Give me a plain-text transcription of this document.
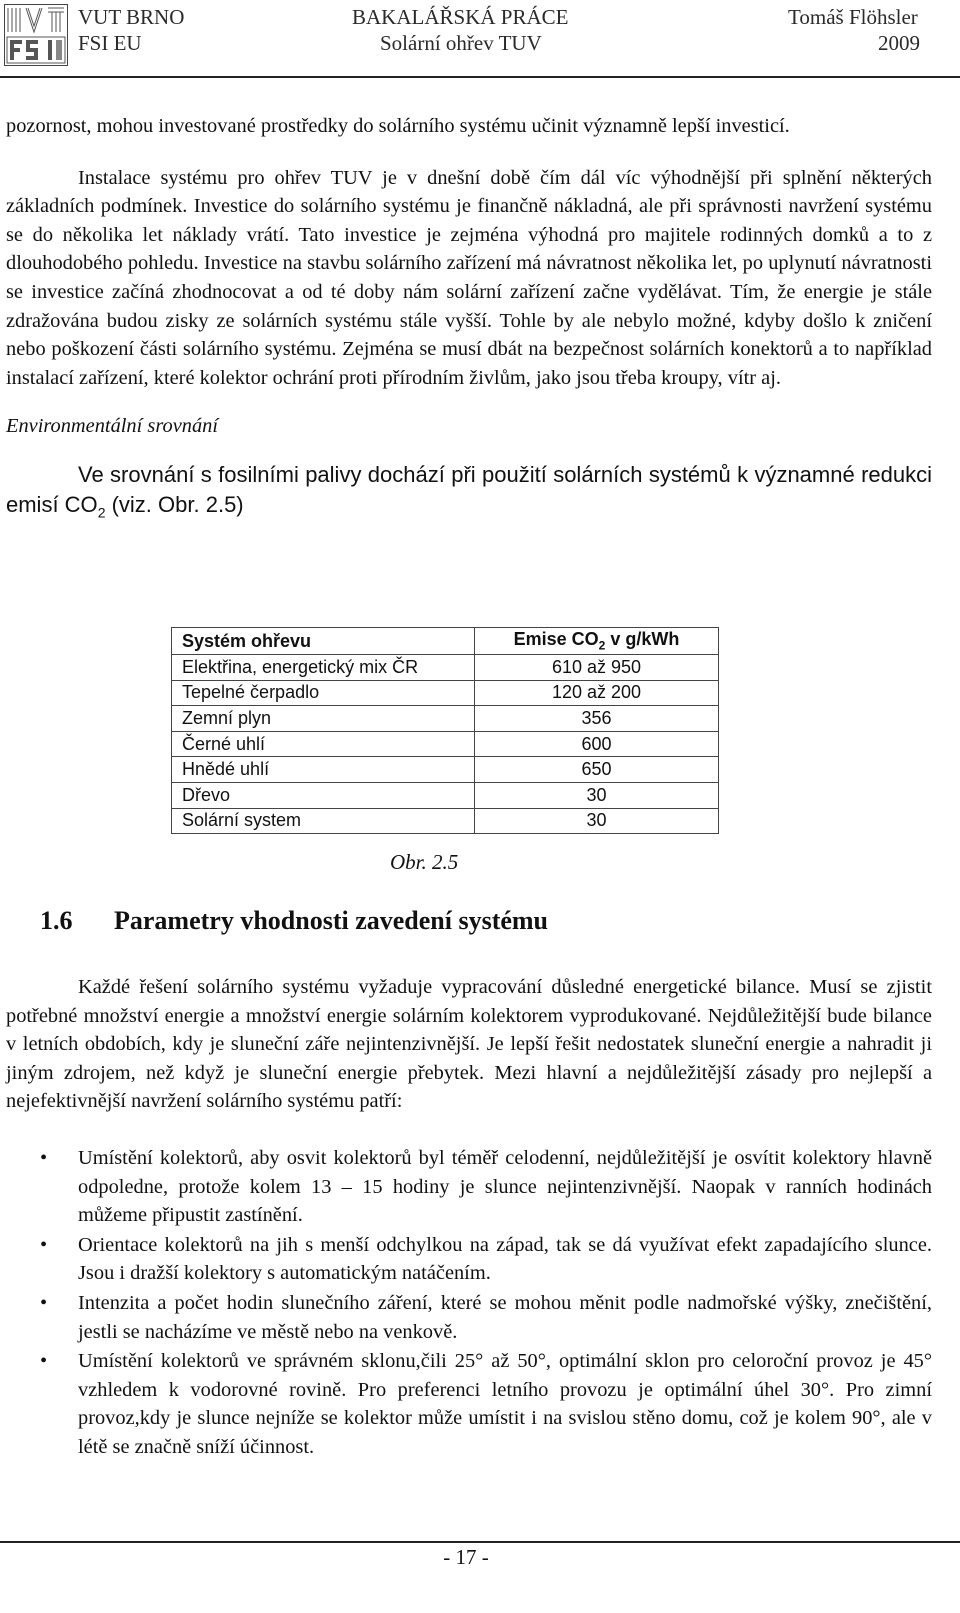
VUT BRNO
FSI EU
BAKALÁŘSKÁ PRÁCE
Solární ohřev TUV
Tomáš Flöhsler
2009

pozornost, mohou investované prostředky do solárního systému učinit významně lepší investicí.

Instalace systému pro ohřev TUV je v dnešní době čím dál víc výhodnější při splnění některých základních podmínek. Investice do solárního systému je finančně nákladná, ale při správnosti navržení systému se do několika let náklady vrátí. Tato investice je zejména výhodná pro majitele rodinných domků a to z dlouhodobého pohledu. Investice na stavbu solárního zařízení má návratnost několika let, po uplynutí návratnosti se investice začíná zhodnocovat a od té doby nám solární zařízení začne vydělávat. Tím, že energie je stále zdražována budou zisky ze solárních systému stále vyšší. Tohle by ale nebylo možné, kdyby došlo k zničení nebo poškození části solárního systému. Zejména se musí dbát na bezpečnost solárních konektorů a to například instalací zařízení, které kolektor ochrání proti přírodním živlům, jako jsou třeba kroupy, vítr aj.

Environmentální srovnání

Ve srovnání s fosilními palivy dochází při použití solárních systémů k významné redukci emisí $CO_2$ (viz. Obr. 2.5)

Systém ohřevu	Emise $CO_2$ v g/kWh
Elektřina, energetický mix ČR	610 až 950
Tepelné čerpadlo	120 až 200
Zemní plyn	356
Černé uhlí	600
Hnědé uhlí	650
Dřevo	30
Solární system	30
Obr. 2.5
1.6 Parametry vhodnosti zavedení systému

Každé řešení solárního systému vyžaduje vypracování důsledné energetické bilance. Musí se zjistit potřebné množství energie a množství energie solárním kolektorem vyprodukované. Nejdůležitější bude bilance v letních obdobích, kdy je sluneční záře nejintenzivnější. Je lepší řešit nedostatek sluneční energie a nahradit ji jiným zdrojem, než když je sluneční energie přebytek. Mezi hlavní a nejdůležitější zásady pro nejlepší a nejefektivnější navržení solárního systému patří:

• Umístění kolektorů, aby osvit kolektorů byl téměř celodenní, nejdůležitější je osvítit kolektory hlavně odpoledne, protože kolem 13 – 15 hodiny je slunce nejintenzivnější. Naopak v ranních hodinách můžeme připustit zastínění.
• Orientace kolektorů na jih s menší odchylkou na západ, tak se dá využívat efekt zapadajícího slunce. Jsou i dražší kolektory s automatickým natáčením.
• Intenzita a počet hodin slunečního záření, které se mohou měnit podle nadmořské výšky, znečištění, jestli se nacházíme ve městě nebo na venkově.
• Umístění kolektorů ve správném sklonu,čili 25° až 50°, optimální sklon pro celoroční provoz je 45° vzhledem k vodorovné rovině. Pro preferenci letního provozu je optimální úhel 30°. Pro zimní provoz,kdy je slunce nejníže se kolektor může umístit i na svislou stěno domu, což je kolem 90°, ale v létě se značně sníží účinnost.
- 17 -
